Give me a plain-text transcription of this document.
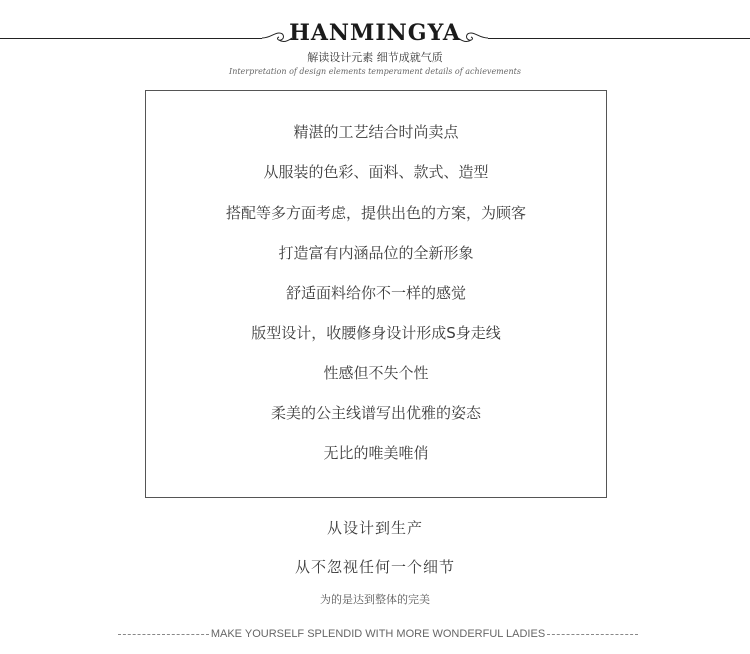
HANMINGYA
解读设计元素 细节成就气质
Interpretation of design elements temperament details of achievements
精湛的工艺结合时尚卖点
从服装的色彩、面料、款式、造型
搭配等多方面考虑，提供出色的方案，为顾客
打造富有内涵品位的全新形象
舒适面料给你不一样的感觉
版型设计，收腰修身设计形成S身走线
性感但不失个性
柔美的公主线谱写出优雅的姿态
无比的唯美唯俏
从设计到生产
从不忽视任何一个细节
为的是达到整体的完美
MAKE YOURSELF SPLENDID WITH MORE WONDERFUL LADIES
